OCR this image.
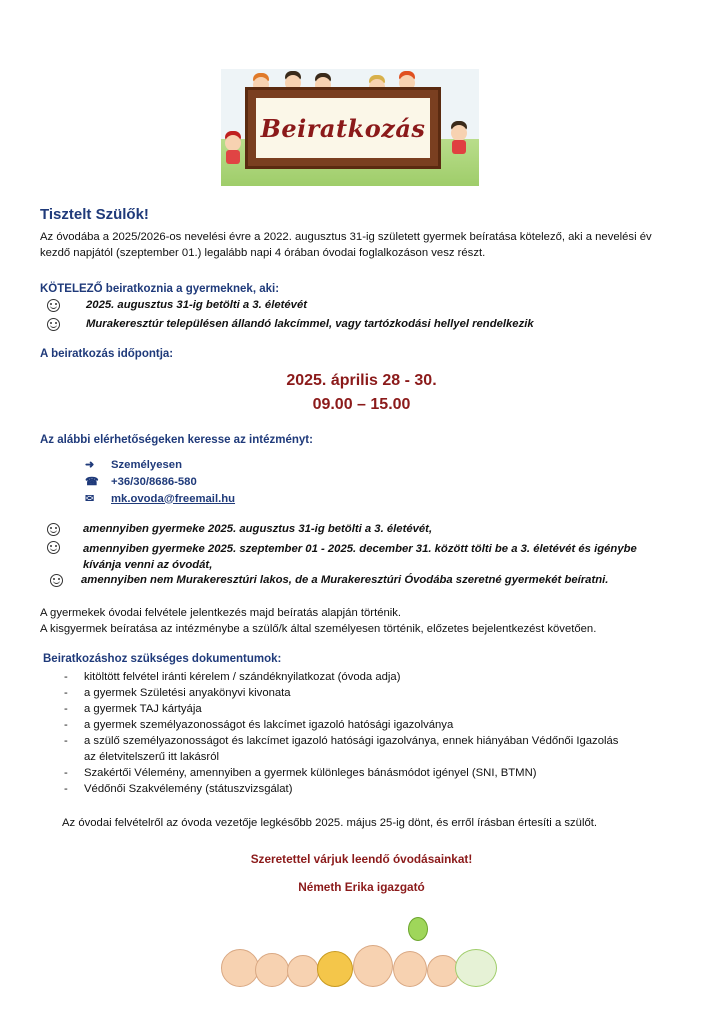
Beiratkozás
Tisztelt Szülők!

Az óvodába a 2025/2026-os nevelési évre a 2022. augusztus 31-ig született gyermek beíratása kötelező, aki a nevelési év kezdő napjától (szeptember 01.) legalább napi 4 órában óvodai foglalkozáson vesz részt.

KÖTELEZŐ beiratkoznia a gyermeknek, aki:

2025. augusztus 31-ig betölti a 3. életévét
Murakeresztúr településen állandó lakcímmel, vagy tartózkodási hellyel rendelkezik

A beiratkozás időpontja:

2025. április 28 - 30.

09.00 – 15.00

Az alábbi elérhetőségeken keresse az intézményt:

➜	Személyesen
☎	+36/30/8686-580
✉	mk.ovoda@freemail.hu
amennyiben gyermeke 2025. augusztus 31-ig betölti a 3. életévét,
amennyiben gyermeke 2025. szeptember 01 - 2025. december 31. között tölti be a 3. életévét és igénybe kívánja venni az óvodát,
amennyiben nem Murakeresztúri lakos, de a Murakeresztúri Óvodába szeretné gyermekét beíratni.

A gyermekek óvodai felvétele jelentkezés majd beíratás alapján történik.

A kisgyermek beíratása az intézménybe a szülő/k által személyesen történik, előzetes bejelentkezést követően.

Beiratkozáshoz szükséges dokumentumok:

-	kitöltött felvétel iránti kérelem / szándéknyilatkozat (óvoda adja)
-	a gyermek Születési anyakönyvi kivonata
-	a gyermek TAJ kártyája
-	a gyermek személyazonosságot és lakcímet igazoló hatósági igazolványa
-	a szülő személyazonosságot és lakcímet igazoló hatósági igazolványa, ennek hiányában Védőnői Igazolás az életvitelszerű itt lakásról
-	Szakértői Vélemény, amennyiben a gyermek különleges bánásmódot igényel (SNI, BTMN)
-	Védőnői Szakvélemény (státuszvizsgálat)

Az óvodai felvételről az óvoda vezetője legkésőbb 2025. május 25-ig dönt, és erről írásban értesíti a szülőt.

Szeretettel várjuk leendő óvodásainkat!

Németh Erika igazgató
